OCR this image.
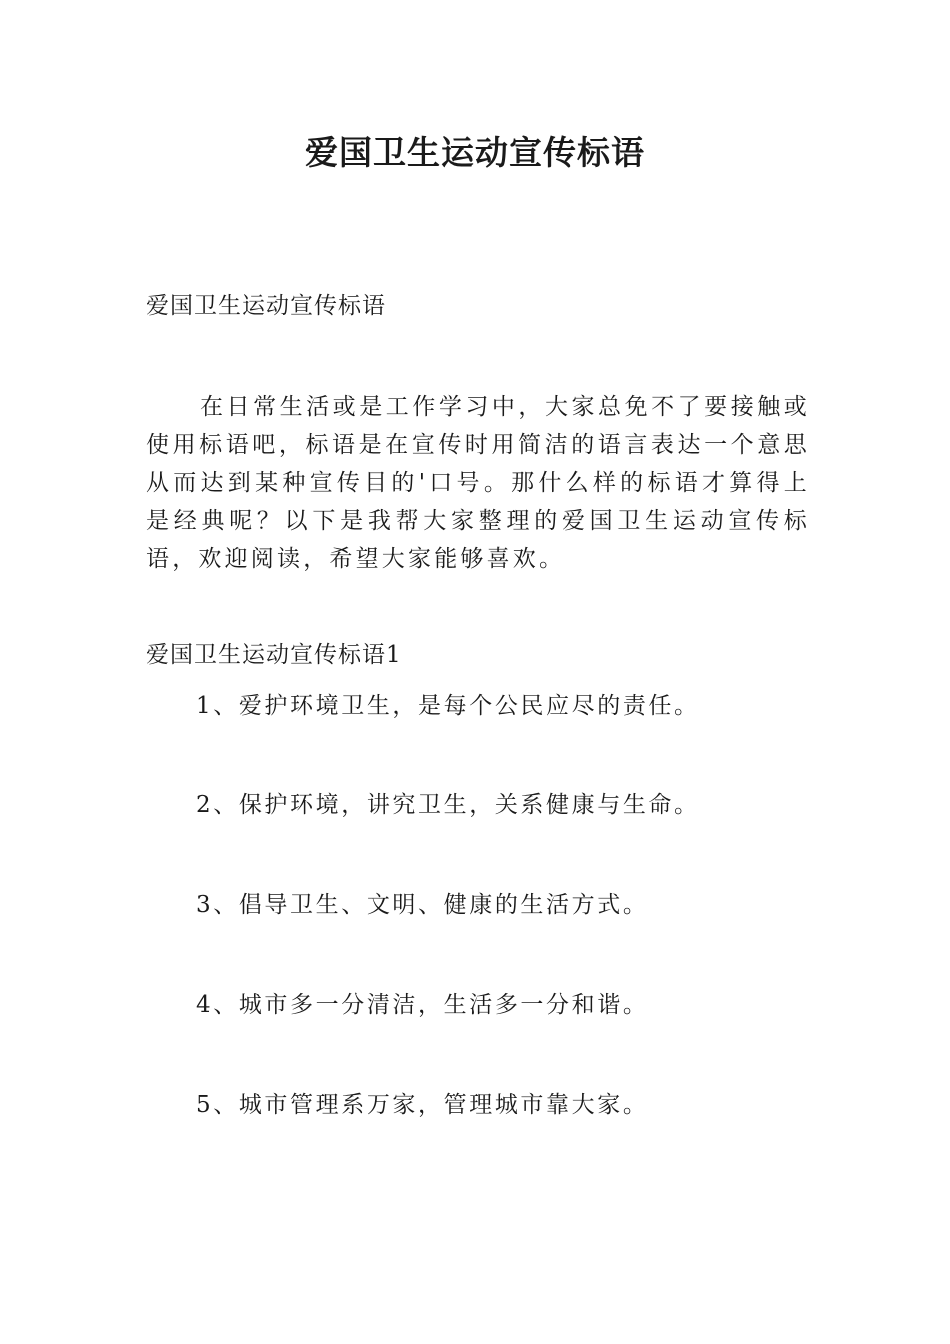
爱国卫生运动宣传标语

爱国卫生运动宣传标语

在日常生活或是工作学习中，大家总免不了要接触或使用标语吧，标语是在宣传时用简洁的语言表达一个意思从而达到某种宣传目的'口号。那什么样的标语才算得上是经典呢？以下是我帮大家整理的爱国卫生运动宣传标语，欢迎阅读，希望大家能够喜欢。

爱国卫生运动宣传标语1

1、爱护环境卫生，是每个公民应尽的责任。

2、保护环境，讲究卫生，关系健康与生命。

3、倡导卫生、文明、健康的生活方式。

4、城市多一分清洁，生活多一分和谐。

5、城市管理系万家，管理城市靠大家。
